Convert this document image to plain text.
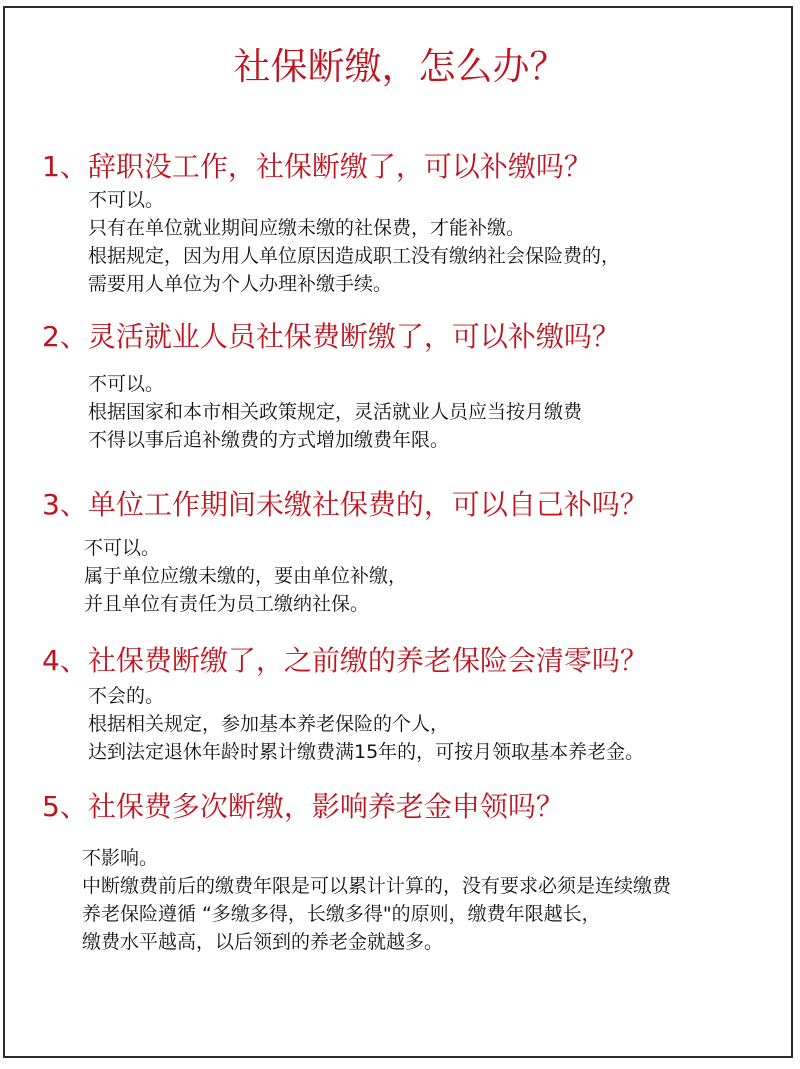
社保断缴，怎么办？
1、辞职没工作，社保断缴了，可以补缴吗？
不可以。
只有在单位就业期间应缴未缴的社保费，才能补缴。
根据规定，因为用人单位原因造成职工没有缴纳社会保险费的，
需要用人单位为个人办理补缴手续。
2、灵活就业人员社保费断缴了，可以补缴吗？
不可以。
根据国家和本市相关政策规定，灵活就业人员应当按月缴费
不得以事后追补缴费的方式增加缴费年限。
3、单位工作期间未缴社保费的，可以自己补吗？
不可以。
属于单位应缴未缴的，要由单位补缴，
并且单位有责任为员工缴纳社保。
4、社保费断缴了，之前缴的养老保险会清零吗？
不会的。
根据相关规定，参加基本养老保险的个人，
达到法定退休年龄时累计缴费满15年的，可按月领取基本养老金。
5、社保费多次断缴，影响养老金申领吗？
不影响。
中断缴费前后的缴费年限是可以累计计算的，没有要求必须是连续缴费
养老保险遵循 “多缴多得，长缴多得"的原则，缴费年限越长，
缴费水平越高，以后领到的养老金就越多。
